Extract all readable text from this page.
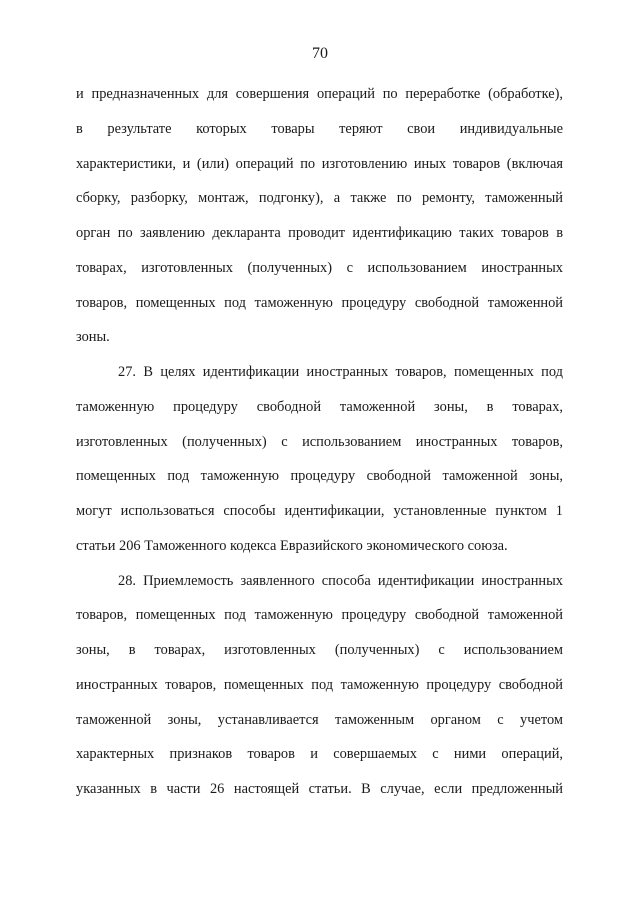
70
и предназначенных для совершения операций по переработке (обработке),
в результате которых товары теряют свои индивидуальные
характеристики, и (или) операций по изготовлению иных товаров (включая
сборку, разборку, монтаж, подгонку), а также по ремонту, таможенный
орган по заявлению декларанта проводит идентификацию таких товаров в
товарах, изготовленных (полученных) с использованием иностранных
товаров, помещенных под таможенную процедуру свободной таможенной
зоны.
27. В целях идентификации иностранных товаров, помещенных под
таможенную процедуру свободной таможенной зоны, в товарах,
изготовленных (полученных) с использованием иностранных товаров,
помещенных под таможенную процедуру свободной таможенной зоны,
могут использоваться способы идентификации, установленные пунктом 1
статьи 206 Таможенного кодекса Евразийского экономического союза.
28. Приемлемость заявленного способа идентификации иностранных
товаров, помещенных под таможенную процедуру свободной таможенной
зоны, в товарах, изготовленных (полученных) с использованием
иностранных товаров, помещенных под таможенную процедуру свободной
таможенной зоны, устанавливается таможенным органом с учетом
характерных признаков товаров и совершаемых с ними операций,
указанных в части 26 настоящей статьи. В случае, если предложенный
